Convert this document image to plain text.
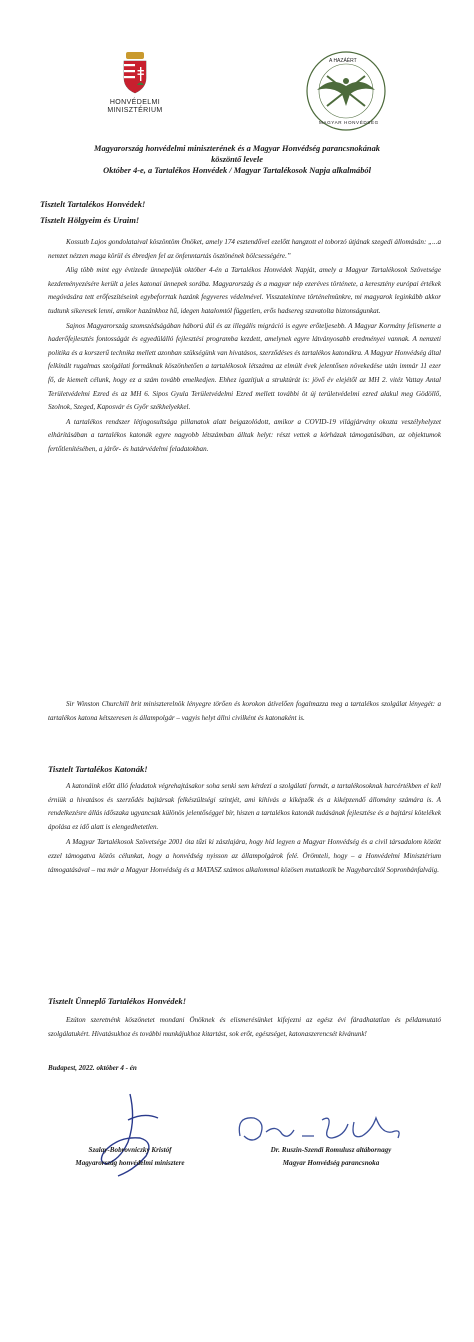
HONVÉDELMI
MINISZTÉRIUM
A HAZÁÉRT
MAGYAR HONVÉDSÉG
Magyarország honvédelmi miniszterének és a Magyar Honvédség parancsnokának
köszöntő levele
Október 4-e, a Tartalékos Honvédek / Magyar Tartalékosok Napja alkalmából
Tisztelt Tartalékos Honvédek!
Tisztelt Hölgyeim és Uraim!

Kossuth Lajos gondolataival köszöntöm Önöket, amely 174 esztendővel ezelőtt hangzott el toborzó útjának szegedi állomásán: „...a nemzet nézzen maga körül és ébredjen fel az önfenntartás ösztönének bölcsességére.”

Alig több mint egy évtizede ünnepeljük október 4-én a Tartalékos Honvédek Napját, amely a Magyar Tartalékosok Szövetsége kezdeményezésére került a jeles katonai ünnepek sorába. Magyarország és a magyar nép ezeréves története, a keresztény európai értékek megóvására tett erőfeszítéseink egybeforrtak hazánk fegyveres védelmével. Visszatekintve történelmünkre, mi magyarok leginkább akkor tudtunk sikeresek lenni, amikor hazánkhoz hű, idegen hatalomtól független, erős hadsereg szavatolta biztonságunkat.

Sajnos Magyarország szomszédságában háború dúl és az illegális migráció is egyre erőteljesebb. A Magyar Kormány felismerte a haderőfejlesztés fontosságát és egyedülálló fejlesztési programba kezdett, amelynek egyre látványosabb eredményei vannak. A nemzeti politika és a korszerű technika mellett azonban szükségünk van hivatásos, szerződéses és tartalékos katonákra. A Magyar Honvédség által felkínált rugalmas szolgálati formáknak köszönhetően a tartalékosok létszáma az elmúlt évek jelentősen növekedése után immár 11 ezer fő, de kiemelt célunk, hogy ez a szám tovább emelkedjen. Ehhez igazítjuk a struktúrát is: jövő év elejétől az MH 2. vitéz Vattay Antal Területvédelmi Ezred és az MH 6. Sipos Gyula Területvédelmi Ezred mellett további öt új területvédelmi ezred alakul meg Gödöllő, Szolnok, Szeged, Kaposvár és Győr székhelyekkel.

A tartalékos rendszer létjogosultsága pillanatok alatt beigazolódott, amikor a COVID-19 világjárvány okozta veszélyhelyzet elhárításában a tartalékos katonák egyre nagyobb létszámban álltak helyt: részt vettek a kórházak támogatásában, az objektumok fertőtlenítésében, a járőr- és határvédelmi feladatokban.

Sir Winston Churchill brit miniszterelnök lényegre törően és korokon átívelően fogalmazza meg a tartalékos szolgálat lényegét: a tartalékos katona kétszeresen is állampolgár – vagyis helyt állni civilként és katonaként is.

Tisztelt Tartalékos Katonák!

A katonáink előtt álló feladatok végrehajtásakor soha senki sem kérdezi a szolgálati formát, a tartalékosoknak harcértékben el kell érniük a hivatásos és szerződés bajtársak felkészültségi szintjét, ami kihívás a kiképzők és a kiképzendő állomány számára is. A rendelkezésre állás időszaka ugyancsak különös jelentőséggel bír, hiszen a tartalékos katonák tudásának fejlesztése és a bajtársi kötelékek ápolása ez idő alatt is elengedhetetlen.

A Magyar Tartalékosok Szövetsége 2001 óta tűzi ki zászlajára, hogy híd legyen a Magyar Honvédség és a civil társadalom között ezzel támogatva közös célunkat, hogy a honvédség nyisson az állampolgárok felé. Örömteli, hogy – a Honvédelmi Minisztérium támogatásával – ma már a Magyar Honvédség és a MATASZ számos alkalommal közösen mutatkozik be Nagybarcától Sopronbánfalváig.

Tisztelt Ünneplő Tartalékos Honvédek!

Ezúton szeretnénk köszönetet mondani Önöknek és elismerésünket kifejezni az egész évi fáradhatatlan és példamutató szolgálatukért. Hivatásukhoz és további munkájukhoz kitartást, sok erőt, egészséget, katonaszerencsét kívánunk!

Budapest, 2022. október 4 - én
Szalay-Bobrovniczky Kristóf
Magyarország honvédelmi minisztere
Dr. Ruszin-Szendi Romulusz altábornagy
Magyar Honvédség parancsnoka
